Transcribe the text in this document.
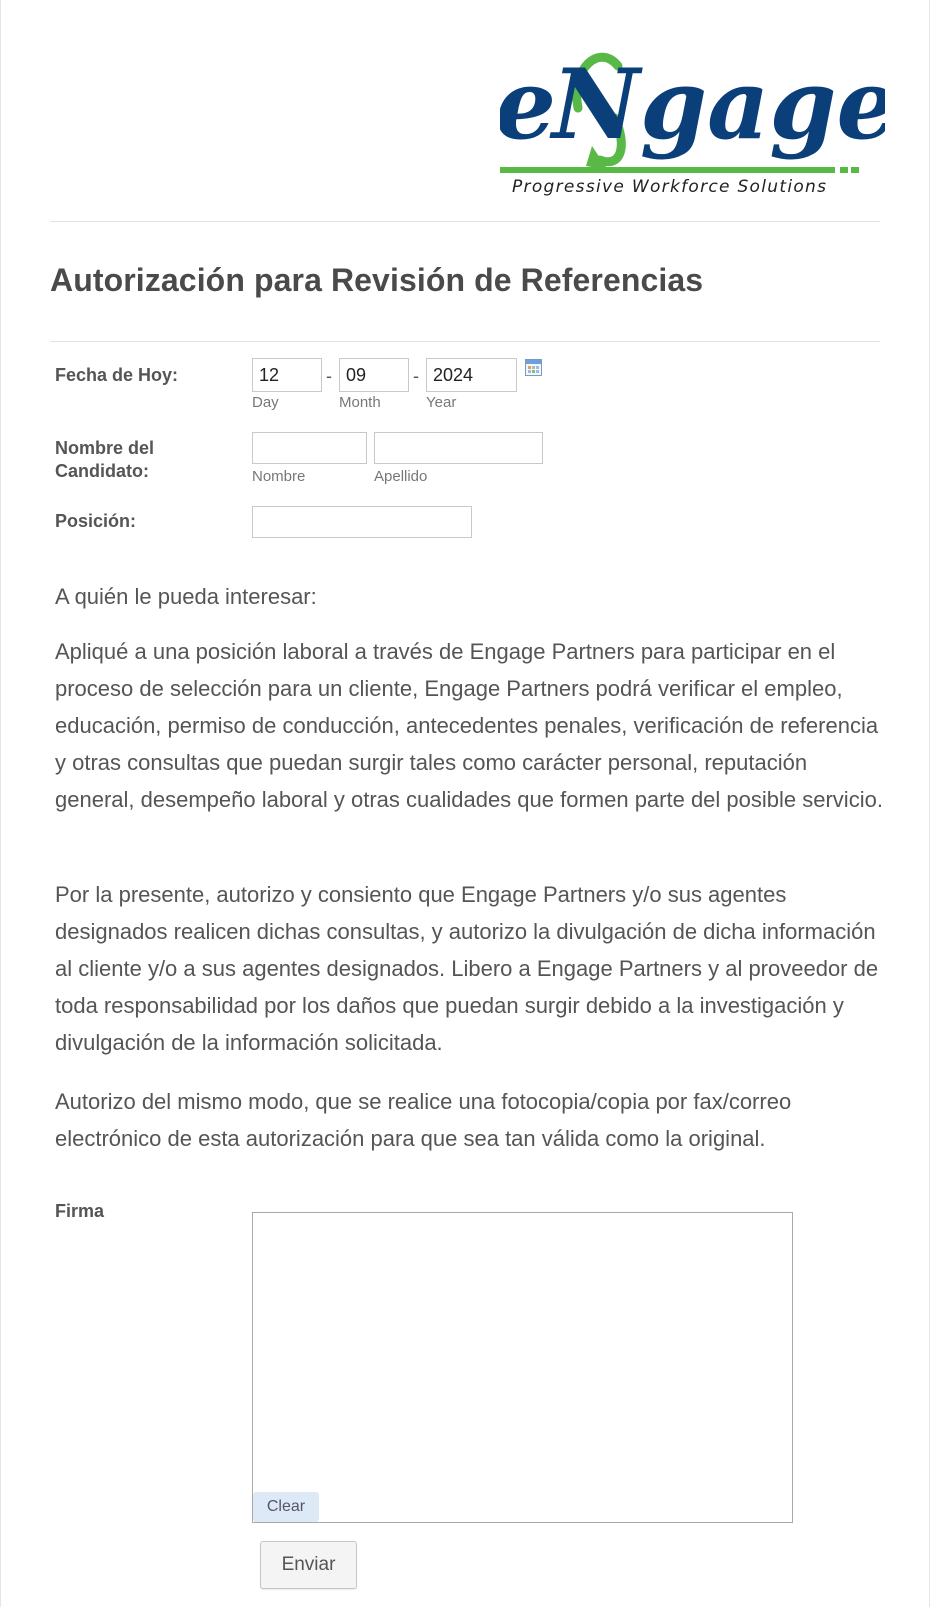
e
N gage
Progressive Workforce Solutions
Autorización para Revisión de Referencias
Fecha de Hoy:
12	-
09	-
2024
Day	Month	Year
Nombre del Candidato:	Nombre	Apellido
Posición:

A quién le pueda interesar:

Apliqué a una posición laboral a través de Engage Partners para participar en el proceso de selección para un cliente, Engage Partners podrá verificar el empleo, educación, permiso de conducción, antecedentes penales, verificación de referencia y otras consultas que puedan surgir tales como carácter personal, reputación general, desempeño laboral y otras cualidades que formen parte del posible servicio.

Por la presente, autorizo y consiento que Engage Partners y/o sus agentes designados realicen dichas consultas, y autorizo la divulgación de dicha información al cliente y/o a sus agentes designados. Libero a Engage Partners y al proveedor de toda responsabilidad por los daños que puedan surgir debido a la investigación y divulgación de la información solicitada.

Autorizo del mismo modo, que se realice una fotocopia/copia por fax/correo electrónico de esta autorización para que sea tan válida como la original.

Firma
Clear
Enviar
